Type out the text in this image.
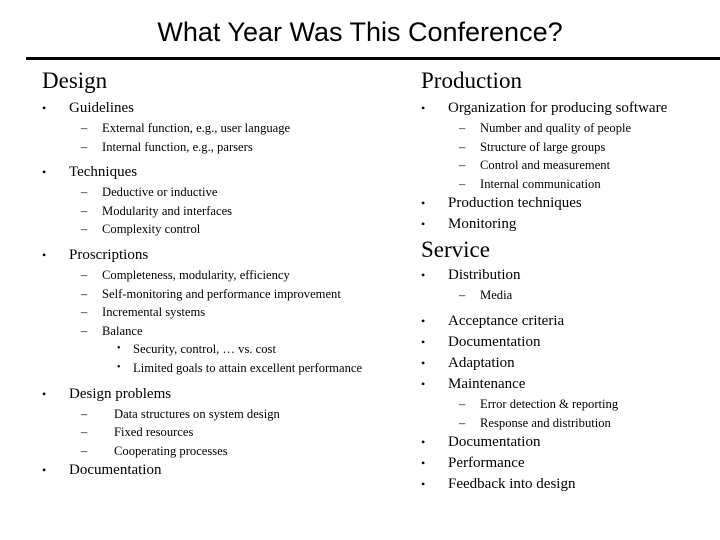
What Year Was This Conference?
Design
• Guidelines
– External function, e.g., user language
– Internal function, e.g., parsers
• Techniques
– Deductive or inductive
– Modularity and interfaces
– Complexity control
• Proscriptions
– Completeness, modularity, efficiency
– Self-monitoring and performance improvement
– Incremental systems
– Balance
• Security, control, … vs. cost
• Limited goals to attain excellent performance
• Design problems
– Data structures on system design
– Fixed resources
– Cooperating processes
• Documentation
Production
• Organization for producing software
– Number and quality of people
– Structure of large groups
– Control and measurement
– Internal communication
• Production techniques
• Monitoring
Service
• Distribution
– Media
• Acceptance criteria
• Documentation
• Adaptation
• Maintenance
– Error detection & reporting
– Response and distribution
• Documentation
• Performance
• Feedback into design
